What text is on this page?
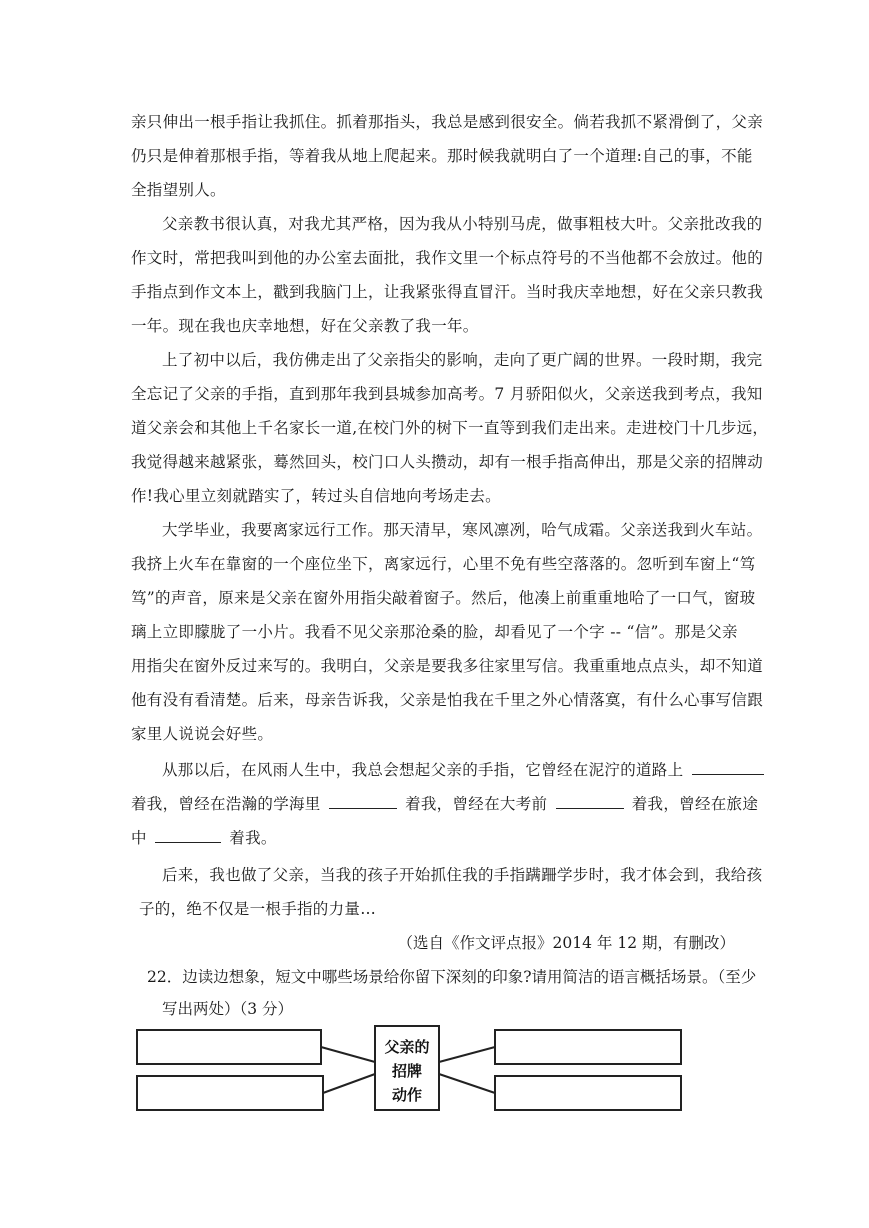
亲只伸出一根手指让我抓住。抓着那指头，我总是感到很安全。倘若我抓不紧滑倒了，父亲
仍只是伸着那根手指，等着我从地上爬起来。那时候我就明白了一个道理:自己的事，不能
全指望别人。
父亲教书很认真，对我尤其严格，因为我从小特别马虎，做事粗枝大叶。父亲批改我的
作文时，常把我叫到他的办公室去面批，我作文里一个标点符号的不当他都不会放过。他的
手指点到作文本上，戳到我脑门上，让我紧张得直冒汗。当时我庆幸地想，好在父亲只教我
一年。现在我也庆幸地想，好在父亲教了我一年。
上了初中以后，我仿佛走出了父亲指尖的影响，走向了更广阔的世界。一段时期，我完
全忘记了父亲的手指，直到那年我到县城参加高考。7 月骄阳似火，父亲送我到考点，我知
道父亲会和其他上千名家长一道,在校门外的树下一直等到我们走出来。走进校门十几步远，
我觉得越来越紧张，蓦然回头，校门口人头攒动，却有一根手指高伸出，那是父亲的招牌动
作!我心里立刻就踏实了，转过头自信地向考场走去。
大学毕业，我要离家远行工作。那天清早，寒风凛冽，哈气成霜。父亲送我到火车站。
我挤上火车在靠窗的一个座位坐下，离家远行，心里不免有些空落落的。忽听到车窗上“笃
笃”的声音，原来是父亲在窗外用指尖敲着窗子。然后，他凑上前重重地哈了一口气，窗玻
璃上立即朦胧了一小片。我看不见父亲那沧桑的脸，却看见了一个字 -- “信”。那是父亲
用指尖在窗外反过来写的。我明白，父亲是要我多往家里写信。我重重地点点头，却不知道
他有没有看清楚。后来，母亲告诉我，父亲是怕我在千里之外心情落寞，有什么心事写信跟
家里人说说会好些。
从那以后，在风雨人生中，我总会想起父亲的手指，它曾经在泥泞的道路上
着我，曾经在浩瀚的学海里	着我，曾经在大考前	着我，曾经在旅途
中	着我。
后来，我也做了父亲，当我的孩子开始抓住我的手指蹒跚学步时，我才体会到，我给孩
子的，绝不仅是一根手指的力量…
（选自《作文评点报》2014 年 12 期，有删改）
22．边读边想象，短文中哪些场景给你留下深刻的印象?请用简洁的语言概括场景。（至少
写出两处）（3 分）
父亲的
招牌
动作
